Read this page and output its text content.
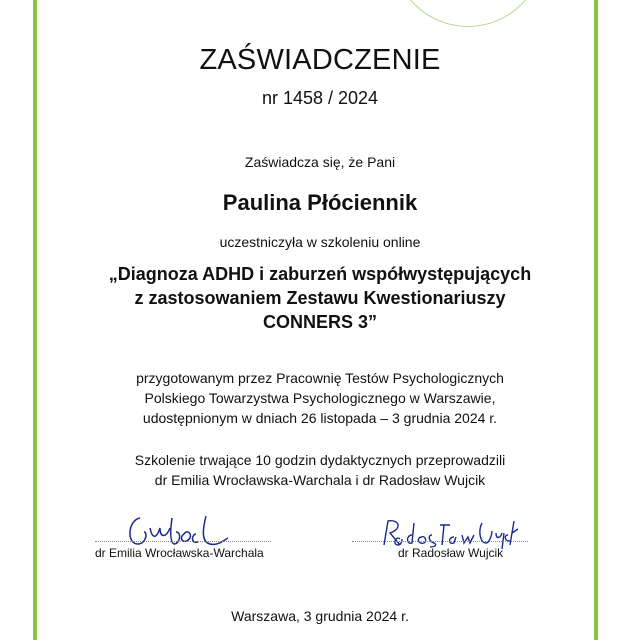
ZAŚWIADCZENIE
nr 1458 / 2024
Zaświadcza się, że Pani
Paulina Płóciennik
uczestniczyła w szkoleniu online
„Diagnoza ADHD i zaburzeń współwystępujących
z zastosowaniem Zestawu Kwestionariuszy
CONNERS 3”
przygotowanym przez Pracownię Testów Psychologicznych
Polskiego Towarzystwa Psychologicznego w Warszawie,
udostępnionym w dniach 26 listopada – 3 grudnia 2024 r.
Szkolenie trwające 10 godzin dydaktycznych przeprowadzili
dr Emilia Wrocławska-Warchala i dr Radosław Wujcik
dr Emilia Wrocławska-Warchala	dr Radosław Wujcik
Warszawa, 3 grudnia 2024 r.
